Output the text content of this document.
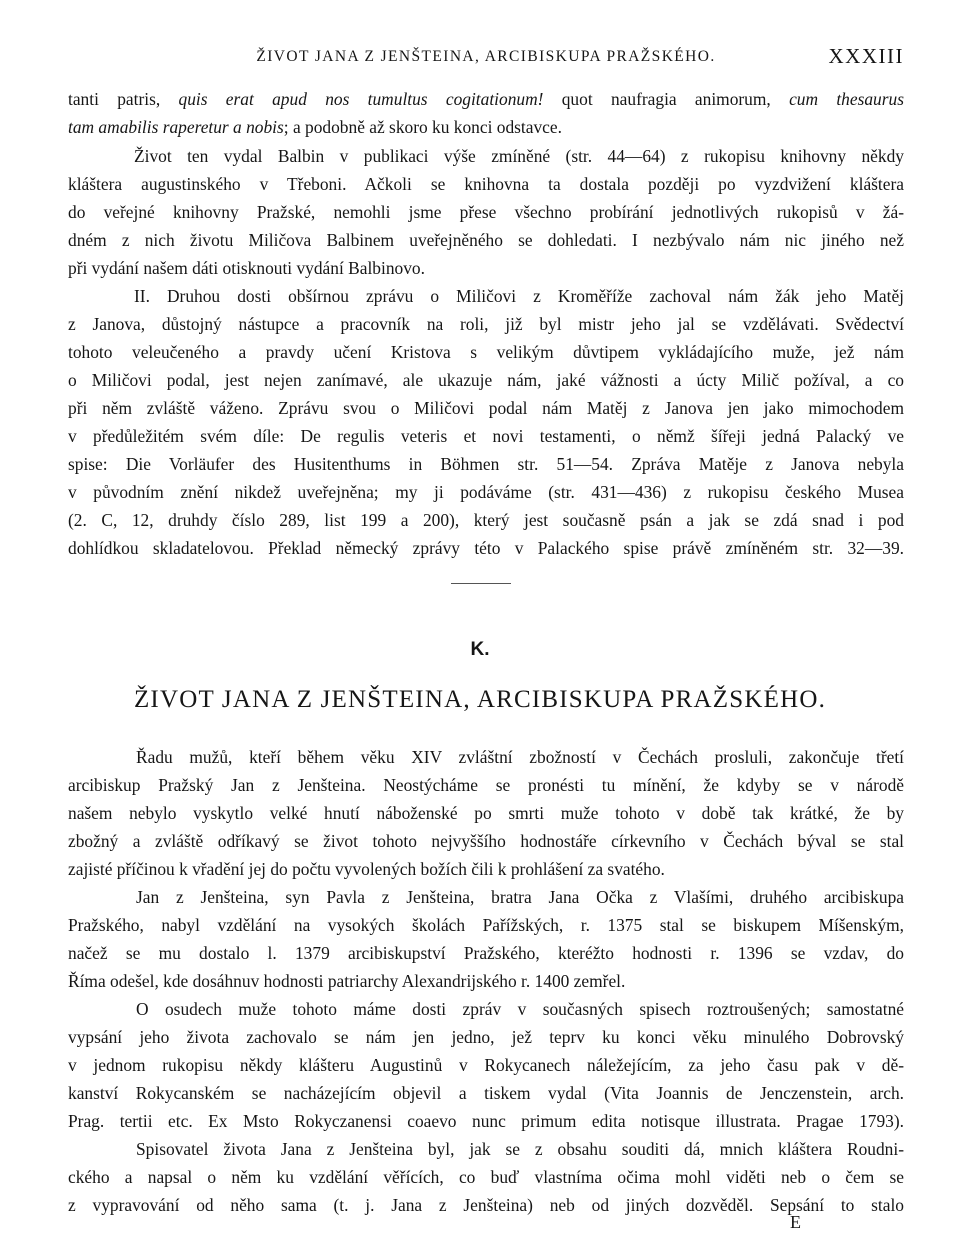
ŽIVOT JANA Z JENŠTEINA, ARCIBISKUPA PRAŽSKÉHO.	XXXIII
tanti patris, quis erat apud nos tumultus cogitationum! quot naufragia animorum, cum thesaurus
tam amabilis raperetur a nobis; a podobně až skoro ku konci odstavce.
Život ten vydal Balbin v publikaci výše zmíněné (str. 44—64) z rukopisu knihovny někdy
kláštera augustinského v Třeboni. Ačkoli se knihovna ta dostala později po vyzdvižení kláštera
do veřejné knihovny Pražské, nemohli jsme přese všechno probírání jednotlivých rukopisů v žá-
dném z nich životu Miličova Balbinem uveřejněného se dohledati. I nezbývalo nám nic jiného než
při vydání našem dáti otisknouti vydání Balbinovo.
II. Druhou dosti obšírnou zprávu o Miličovi z Kroměříže zachoval nám žák jeho Matěj
z Janova, důstojný nástupce a pracovník na roli, již byl mistr jeho jal se vzdělávati. Svědectví
tohoto veleučeného a pravdy učení Kristova s velikým důvtipem vykládajícího muže, jež nám
o Miličovi podal, jest nejen zanímavé, ale ukazuje nám, jaké vážnosti a úcty Milič požíval, a co
při něm zvláště váženo. Zprávu svou o Miličovi podal nám Matěj z Janova jen jako mimochodem
v předůležitém svém díle: De regulis veteris et novi testamenti, o němž šířeji jedná Palacký ve
spise: Die Vorläufer des Husitenthums in Böhmen str. 51—54. Zpráva Matěje z Janova nebyla
v původním znění nikdež uveřejněna; my ji podáváme (str. 431—436) z rukopisu českého Musea
(2. C, 12, druhdy číslo 289, list 199 a 200), který jest současně psán a jak se zdá snad i pod
dohlídkou skladatelovou. Překlad německý zprávy této v Palackého spise právě zmíněném str. 32—39.
K.
ŽIVOT JANA Z JENŠTEINA, ARCIBISKUPA PRAŽSKÉHO.
Řadu mužů, kteří během věku XIV zvláštní zbožností v Čechách prosluli, zakončuje třetí
arcibiskup Pražský Jan z Jenšteina. Neostýcháme se pronésti tu mínění, že kdyby se v národě
našem nebylo vyskytlo velké hnutí náboženské po smrti muže tohoto v době tak krátké, že by
zbožný a zvláště odříkavý se život tohoto nejvyššího hodnostáře církevního v Čechách býval se stal
zajisté příčinou k vřadění jej do počtu vyvolených božích čili k prohlášení za svatého.
Jan z Jenšteina, syn Pavla z Jenšteina, bratra Jana Očka z Vlašími, druhého arcibiskupa
Pražského, nabyl vzdělání na vysokých školách Pařížských, r. 1375 stal se biskupem Míšenským,
načež se mu dostalo l. 1379 arcibiskupství Pražského, kteréžto hodnosti r. 1396 se vzdav, do
Říma odešel, kde dosáhnuv hodnosti patriarchy Alexandrijského r. 1400 zemřel.
O osudech muže tohoto máme dosti zpráv v současných spisech roztroušených; samostatné
vypsání jeho života zachovalo se nám jen jedno, jež teprv ku konci věku minulého Dobrovský
v jednom rukopisu někdy klášteru Augustinů v Rokycanech náležejícím, za jeho času pak v dě-
kanství Rokycanském se nacházejícím objevil a tiskem vydal (Vita Joannis de Jenczenstein, arch.
Prag. tertii etc. Ex Msto Rokyczanensi coaevo nunc primum edita notisque illustrata. Pragae 1793).
Spisovatel života Jana z Jenšteina byl, jak se z obsahu souditi dá, mnich kláštera Roudni-
ckého a napsal o něm ku vzdělání věřících, co buď vlastníma očima mohl viděti neb o čem se
z vypravování od něho sama (t. j. Jana z Jenšteina) neb od jiných dozvěděl. Sepsání to stalo
E
